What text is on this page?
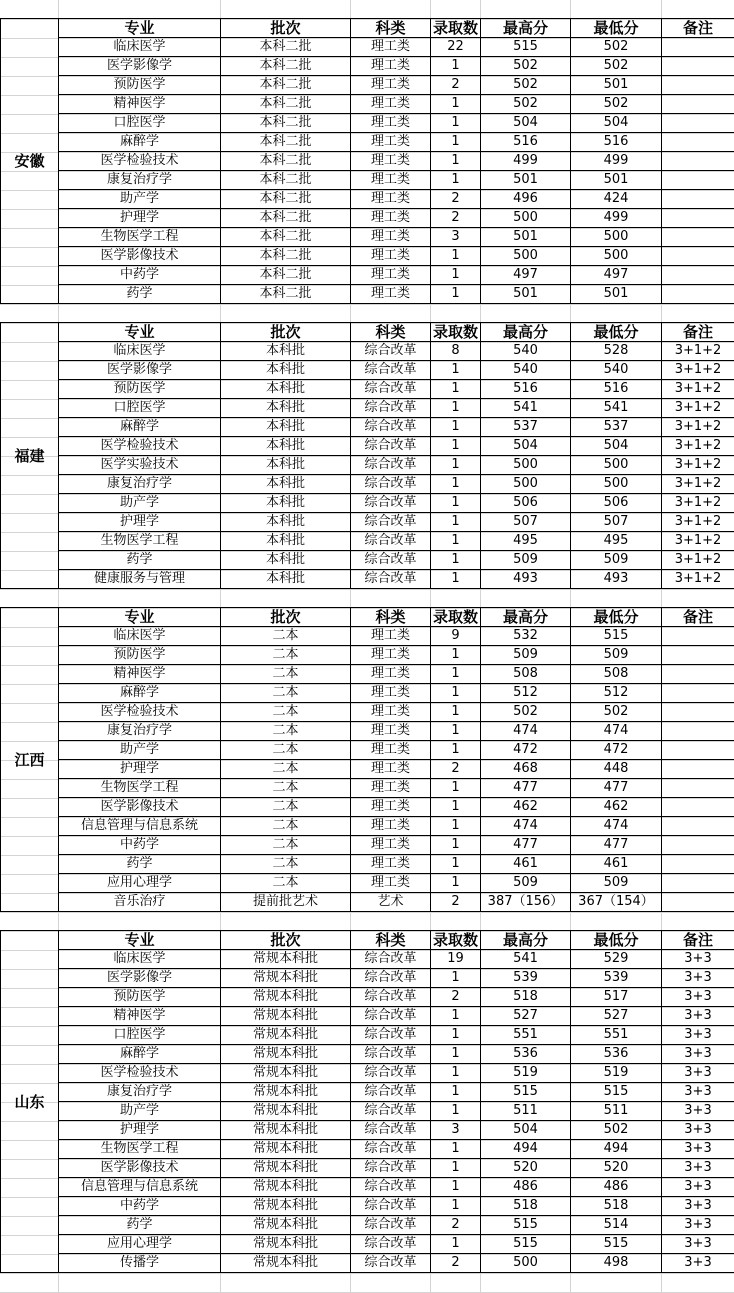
安徽	专业	批次	科类	录取数	最高分	最低分	备注
	临床医学	本科二批	理工类	22	515	502	
	医学影像学	本科二批	理工类	1	502	502	
	预防医学	本科二批	理工类	2	502	501	
	精神医学	本科二批	理工类	1	502	502	
	口腔医学	本科二批	理工类	1	504	504	
	麻醉学	本科二批	理工类	1	516	516	
	医学检验技术	本科二批	理工类	1	499	499	
	康复治疗学	本科二批	理工类	1	501	501	
	助产学	本科二批	理工类	2	496	424	
	护理学	本科二批	理工类	2	500	499	
	生物医学工程	本科二批	理工类	3	501	500	
	医学影像技术	本科二批	理工类	1	500	500	
	中药学	本科二批	理工类	1	497	497	
	药学	本科二批	理工类	1	501	501	
福建	专业	批次	科类	录取数	最高分	最低分	备注
	临床医学	本科批	综合改革	8	540	528	3+1+2
	医学影像学	本科批	综合改革	1	540	540	3+1+2
	预防医学	本科批	综合改革	1	516	516	3+1+2
	口腔医学	本科批	综合改革	1	541	541	3+1+2
	麻醉学	本科批	综合改革	1	537	537	3+1+2
	医学检验技术	本科批	综合改革	1	504	504	3+1+2
	医学实验技术	本科批	综合改革	1	500	500	3+1+2
	康复治疗学	本科批	综合改革	1	500	500	3+1+2
	助产学	本科批	综合改革	1	506	506	3+1+2
	护理学	本科批	综合改革	1	507	507	3+1+2
	生物医学工程	本科批	综合改革	1	495	495	3+1+2
	药学	本科批	综合改革	1	509	509	3+1+2
	健康服务与管理	本科批	综合改革	1	493	493	3+1+2
江西	专业	批次	科类	录取数	最高分	最低分	备注
	临床医学	二本	理工类	9	532	515	
	预防医学	二本	理工类	1	509	509	
	精神医学	二本	理工类	1	508	508	
	麻醉学	二本	理工类	1	512	512	
	医学检验技术	二本	理工类	1	502	502	
	康复治疗学	二本	理工类	1	474	474	
	助产学	二本	理工类	1	472	472	
	护理学	二本	理工类	2	468	448	
	生物医学工程	二本	理工类	1	477	477	
	医学影像技术	二本	理工类	1	462	462	
	信息管理与信息系统	二本	理工类	1	474	474	
	中药学	二本	理工类	1	477	477	
	药学	二本	理工类	1	461	461	
	应用心理学	二本	理工类	1	509	509	
	音乐治疗	提前批艺术	艺术	2	387（156）	367（154）	
山东	专业	批次	科类	录取数	最高分	最低分	备注
	临床医学	常规本科批	综合改革	19	541	529	3+3
	医学影像学	常规本科批	综合改革	1	539	539	3+3
	预防医学	常规本科批	综合改革	2	518	517	3+3
	精神医学	常规本科批	综合改革	1	527	527	3+3
	口腔医学	常规本科批	综合改革	1	551	551	3+3
	麻醉学	常规本科批	综合改革	1	536	536	3+3
	医学检验技术	常规本科批	综合改革	1	519	519	3+3
	康复治疗学	常规本科批	综合改革	1	515	515	3+3
	助产学	常规本科批	综合改革	1	511	511	3+3
	护理学	常规本科批	综合改革	3	504	502	3+3
	生物医学工程	常规本科批	综合改革	1	494	494	3+3
	医学影像技术	常规本科批	综合改革	1	520	520	3+3
	信息管理与信息系统	常规本科批	综合改革	1	486	486	3+3
	中药学	常规本科批	综合改革	1	518	518	3+3
	药学	常规本科批	综合改革	2	515	514	3+3
	应用心理学	常规本科批	综合改革	1	515	515	3+3
	传播学	常规本科批	综合改革	2	500	498	3+3
